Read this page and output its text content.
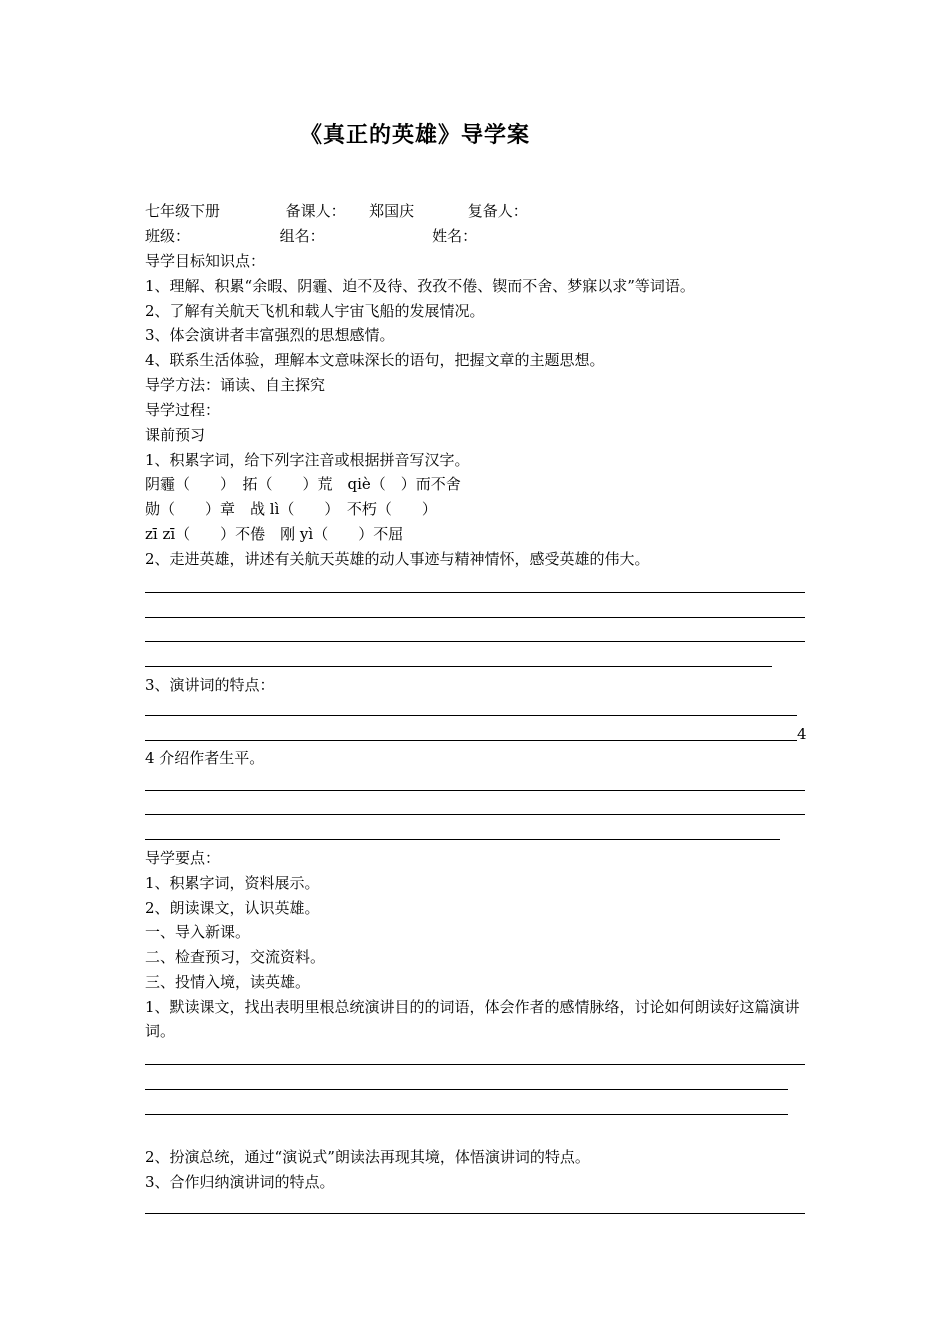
《真正的英雄》导学案
七年级下册	备课人： 郑国庆	复备人：
班级：	组名：	姓名：
导学目标知识点：
1、理解、积累“余暇、阴霾、迫不及待、孜孜不倦、锲而不舍、梦寐以求”等词语。
2、了解有关航天飞机和载人宇宙飞船的发展情况。
3、体会演讲者丰富强烈的思想感情。
4、联系生活体验，理解本文意味深长的语句，把握文章的主题思想。
导学方法：诵读、自主探究
导学过程：
课前预习
1、积累字词，给下列字注音或根据拼音写汉字。
阴霾（　　）　拓（　　）荒　qiè（　）而不舍
勋（　　）章　战 lì（　　）　不朽（　　）
zī zī（　　）不倦　刚 yì（　　）不屈
2、走进英雄，讲述有关航天英雄的动人事迹与精神情怀，感受英雄的伟大。
3、演讲词的特点：
4
4 介绍作者生平。
导学要点：
1、积累字词，资料展示。
2、朗读课文，认识英雄。
一、导入新课。
二、检查预习，交流资料。
三、投情入境，读英雄。
1、默读课文，找出表明里根总统演讲目的的词语，体会作者的感情脉络，讨论如何朗读好这篇演讲词。
2、扮演总统，通过“演说式”朗读法再现其境，体悟演讲词的特点。
3、合作归纳演讲词的特点。
